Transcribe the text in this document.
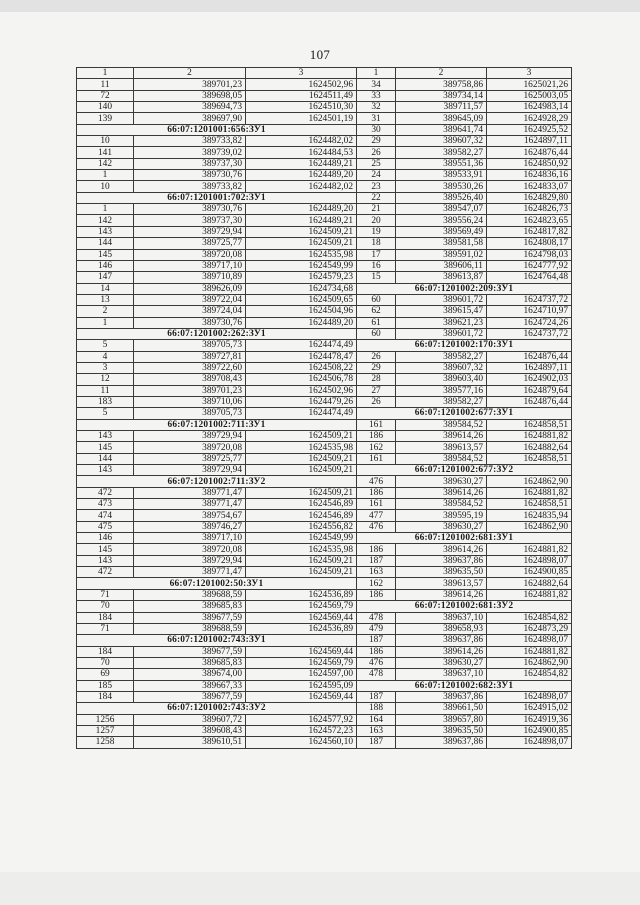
107
1	2	3
11	389701,23	1624502,96
72	389698,05	1624511,49
140	389694,73	1624510,30
139	389697,90	1624501,19
66:07:1201001:656:ЗУ1		
10	389733,82	1624482,02
141	389739,02	1624484,53
142	389737,30	1624489,21
1	389730,76	1624489,20
10	389733,82	1624482,02
66:07:1201001:702:ЗУ1		
1	389730,76	1624489,20
142	389737,30	1624489,21
143	389729,94	1624509,21
144	389725,77	1624509,21
145	389720,08	1624535,98
146	389717,10	1624549,99
147	389710,89	1624579,23
14	389626,09	1624734,68
13	389722,04	1624509,65
2	389724,04	1624504,96
1	389730,76	1624489,20
66:07:1201002:262:ЗУ1		
5	389705,73	1624474,49
4	389727,81	1624478,47
3	389722,60	1624508,22
12	389708,43	1624506,78
11	389701,23	1624502,96
183	389710,06	1624479,26
5	389705,73	1624474,49
66:07:1201002:711:ЗУ1		
143	389729,94	1624509,21
145	389720,08	1624535,98
144	389725,77	1624509,21
143	389729,94	1624509,21
66:07:1201002:711:ЗУ2		
472	389771,47	1624509,21
473	389771,47	1624546,89
474	389754,67	1624546,89
475	389746,27	1624556,82
146	389717,10	1624549,99
145	389720,08	1624535,98
143	389729,94	1624509,21
472	389771,47	1624509,21
66:07:1201002:50:ЗУ1		
71	389688,59	1624536,89
70	389685,83	1624569,79
184	389677,59	1624569,44
71	389688,59	1624536,89
66:07:1201002:743:ЗУ1		
184	389677,59	1624569,44
70	389685,83	1624569,79
69	389674,00	1624597,00
185	389667,33	1624595,09
184	389677,59	1624569,44
66:07:1201002:743:ЗУ2		
1256	389607,72	1624577,92
1257	389608,43	1624572,23
1258	389610,51	1624560,10
1	2	3
34	389758,86	1625021,26
33	389734,14	1625003,05
32	389711,57	1624983,14
31	389645,09	1624928,29
30	389641,74	1624925,52
29	389607,32	1624897,11
26	389582,27	1624876,44
25	389551,36	1624850,92
24	389533,91	1624836,16
23	389530,26	1624833,07
22	389526,40	1624829,80
21	389547,07	1624826,73
20	389556,24	1624823,65
19	389569,49	1624817,82
18	389581,58	1624808,17
17	389591,02	1624798,03
16	389606,11	1624777,92
15	389613,87	1624764,48
66:07:1201002:209:ЗУ1		
60	389601,72	1624737,72
62	389615,47	1624710,97
61	389621,23	1624724,26
60	389601,72	1624737,72
66:07:1201002:170:ЗУ1		
26	389582,27	1624876,44
29	389607,32	1624897,11
28	389603,40	1624902,03
27	389577,16	1624879,64
26	389582,27	1624876,44
66:07:1201002:677:ЗУ1		
161	389584,52	1624858,51
186	389614,26	1624881,82
162	389613,57	1624882,64
161	389584,52	1624858,51
66:07:1201002:677:ЗУ2		
476	389630,27	1624862,90
186	389614,26	1624881,82
161	389584,52	1624858,51
477	389595,19	1624835,94
476	389630,27	1624862,90
66:07:1201002:681:ЗУ1		
186	389614,26	1624881,82
187	389637,86	1624898,07
163	389635,50	1624900,85
162	389613,57	1624882,64
186	389614,26	1624881,82
66:07:1201002:681:ЗУ2		
478	389637,10	1624854,82
479	389658,93	1624873,29
187	389637,86	1624898,07
186	389614,26	1624881,82
476	389630,27	1624862,90
478	389637,10	1624854,82
66:07:1201002:682:ЗУ1		
187	389637,86	1624898,07
188	389661,50	1624915,02
164	389657,80	1624919,36
163	389635,50	1624900,85
187	389637,86	1624898,07
